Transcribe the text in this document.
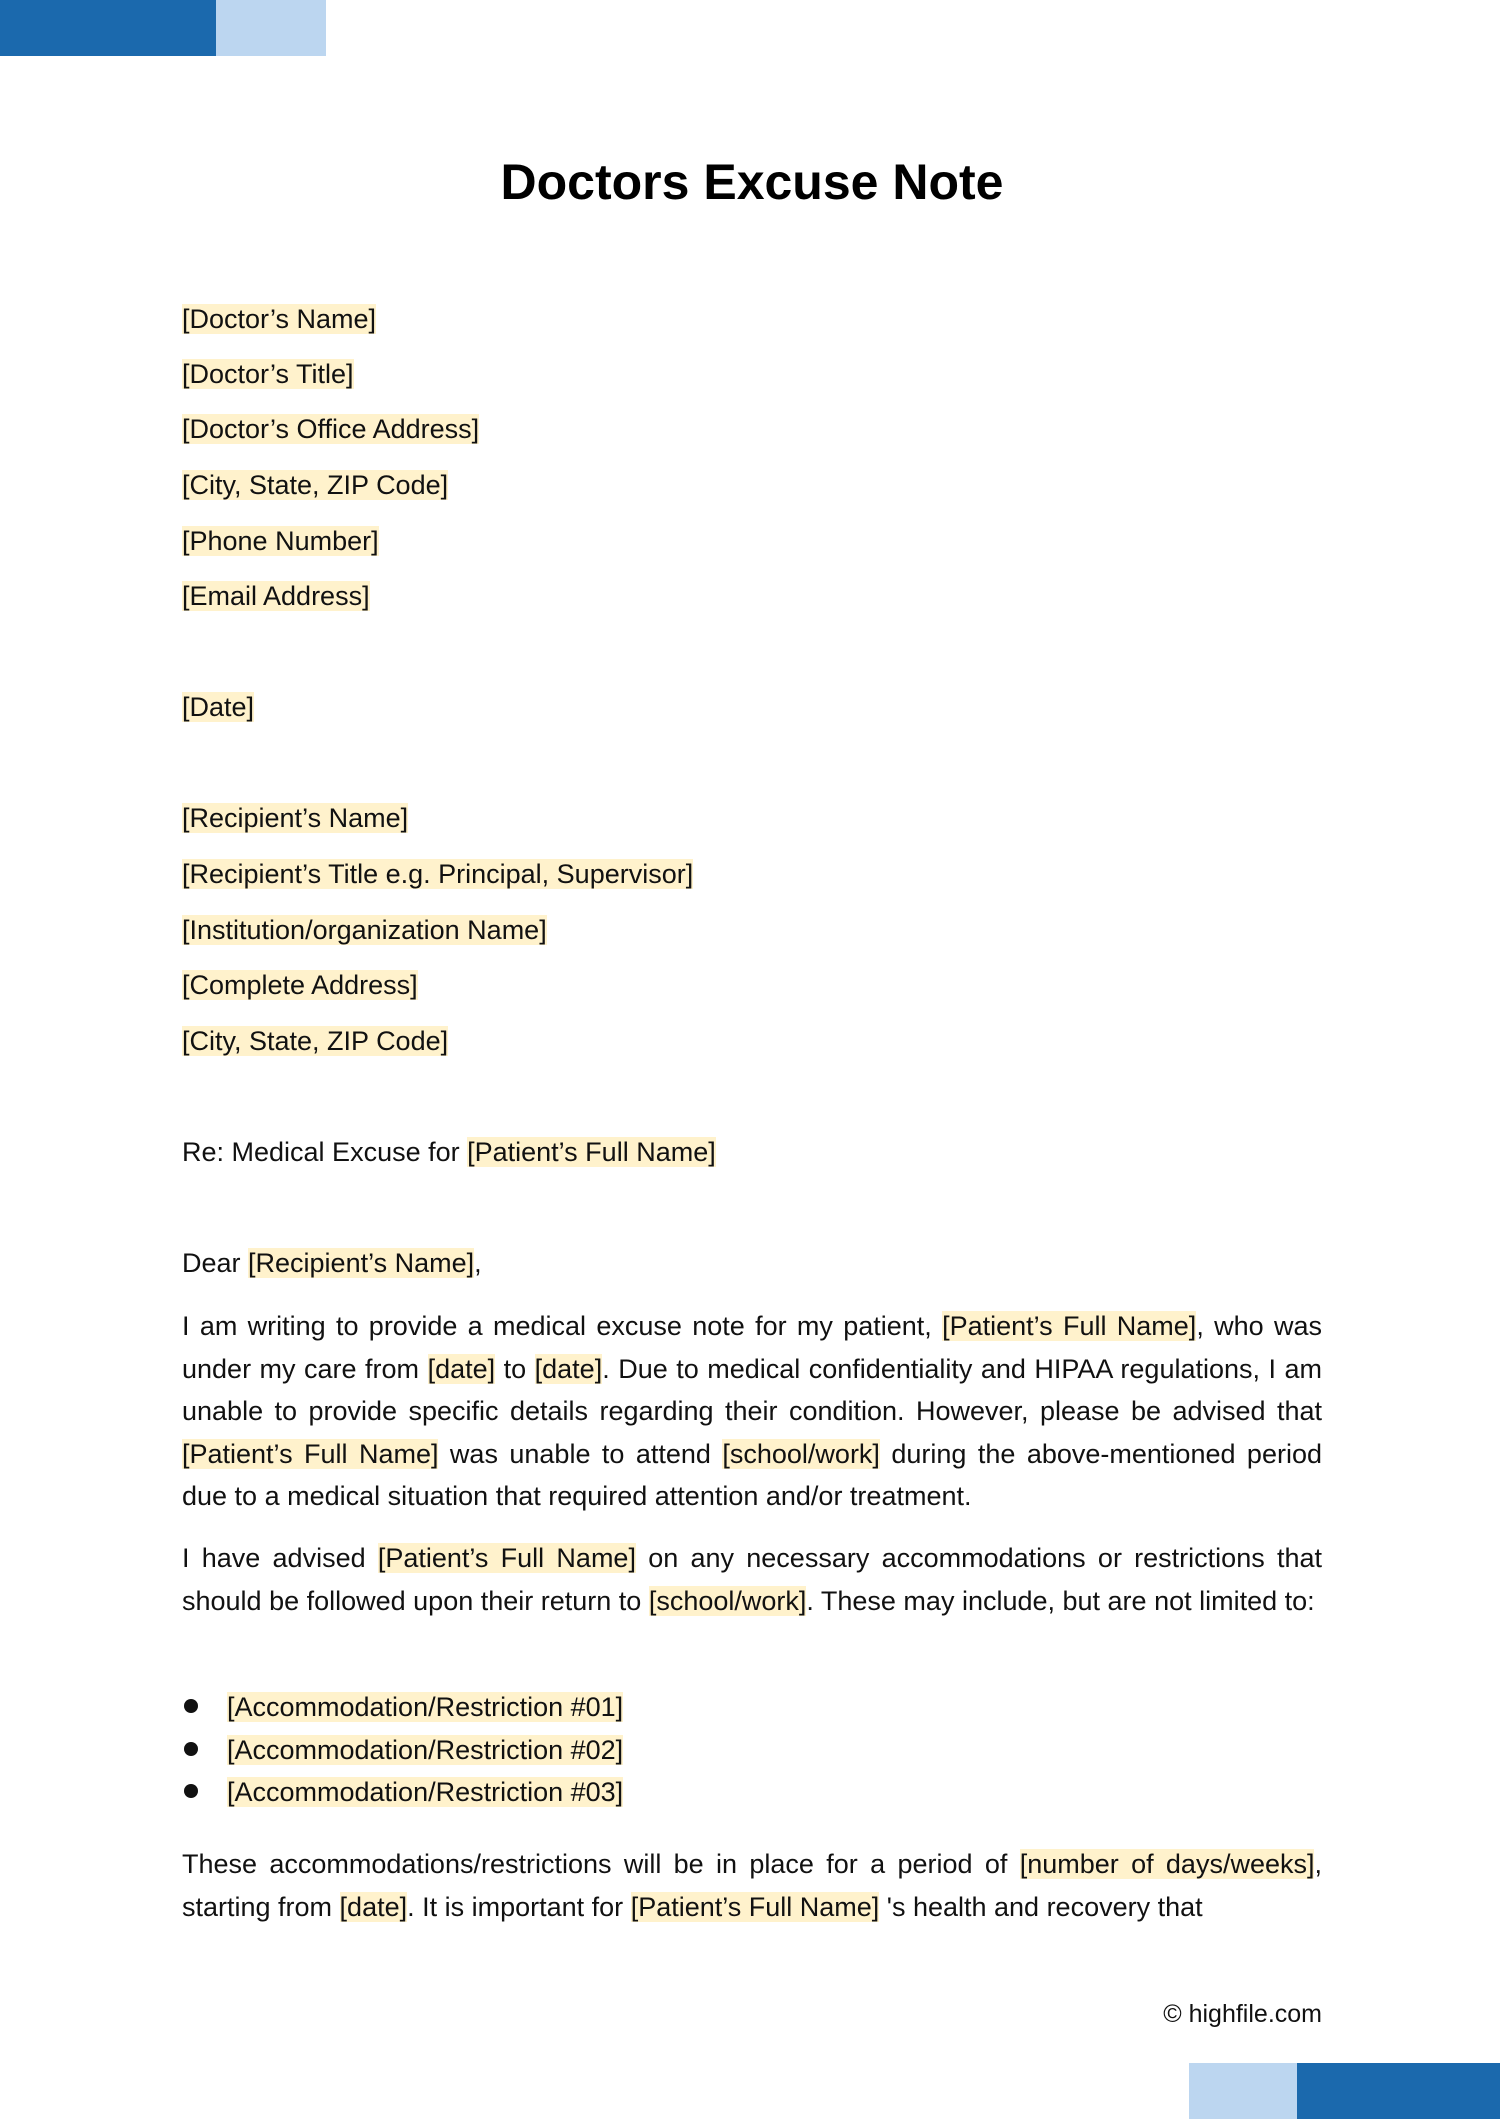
Doctors Excuse Note
[Doctor’s Name]
[Doctor’s Title]
[Doctor’s Office Address]
[City, State, ZIP Code]
[Phone Number]
[Email Address]
[Date]
[Recipient’s Name]
[Recipient’s Title e.g. Principal, Supervisor]
[Institution/organization Name]
[Complete Address]
[City, State, ZIP Code]
Re: Medical Excuse for [Patient’s Full Name]
Dear [Recipient’s Name],

I am writing to provide a medical excuse note for my patient, [Patient’s Full Name], who was under my care from [date] to [date]. Due to medical confidentiality and HIPAA regulations, I am unable to provide specific details regarding their condition. However, please be advised that [Patient’s Full Name] was unable to attend [school/work] during the above-mentioned period due to a medical situation that required attention and/or treatment.

I have advised [Patient’s Full Name] on any necessary accommodations or restrictions that should be followed upon their return to [school/work]. These may include, but are not limited to:

[Accommodation/Restriction #01]
[Accommodation/Restriction #02]
[Accommodation/Restriction #03]

These accommodations/restrictions will be in place for a period of [number of days/weeks], starting from [date]. It is important for [Patient’s Full Name] 's health and recovery that

© highfile.com
